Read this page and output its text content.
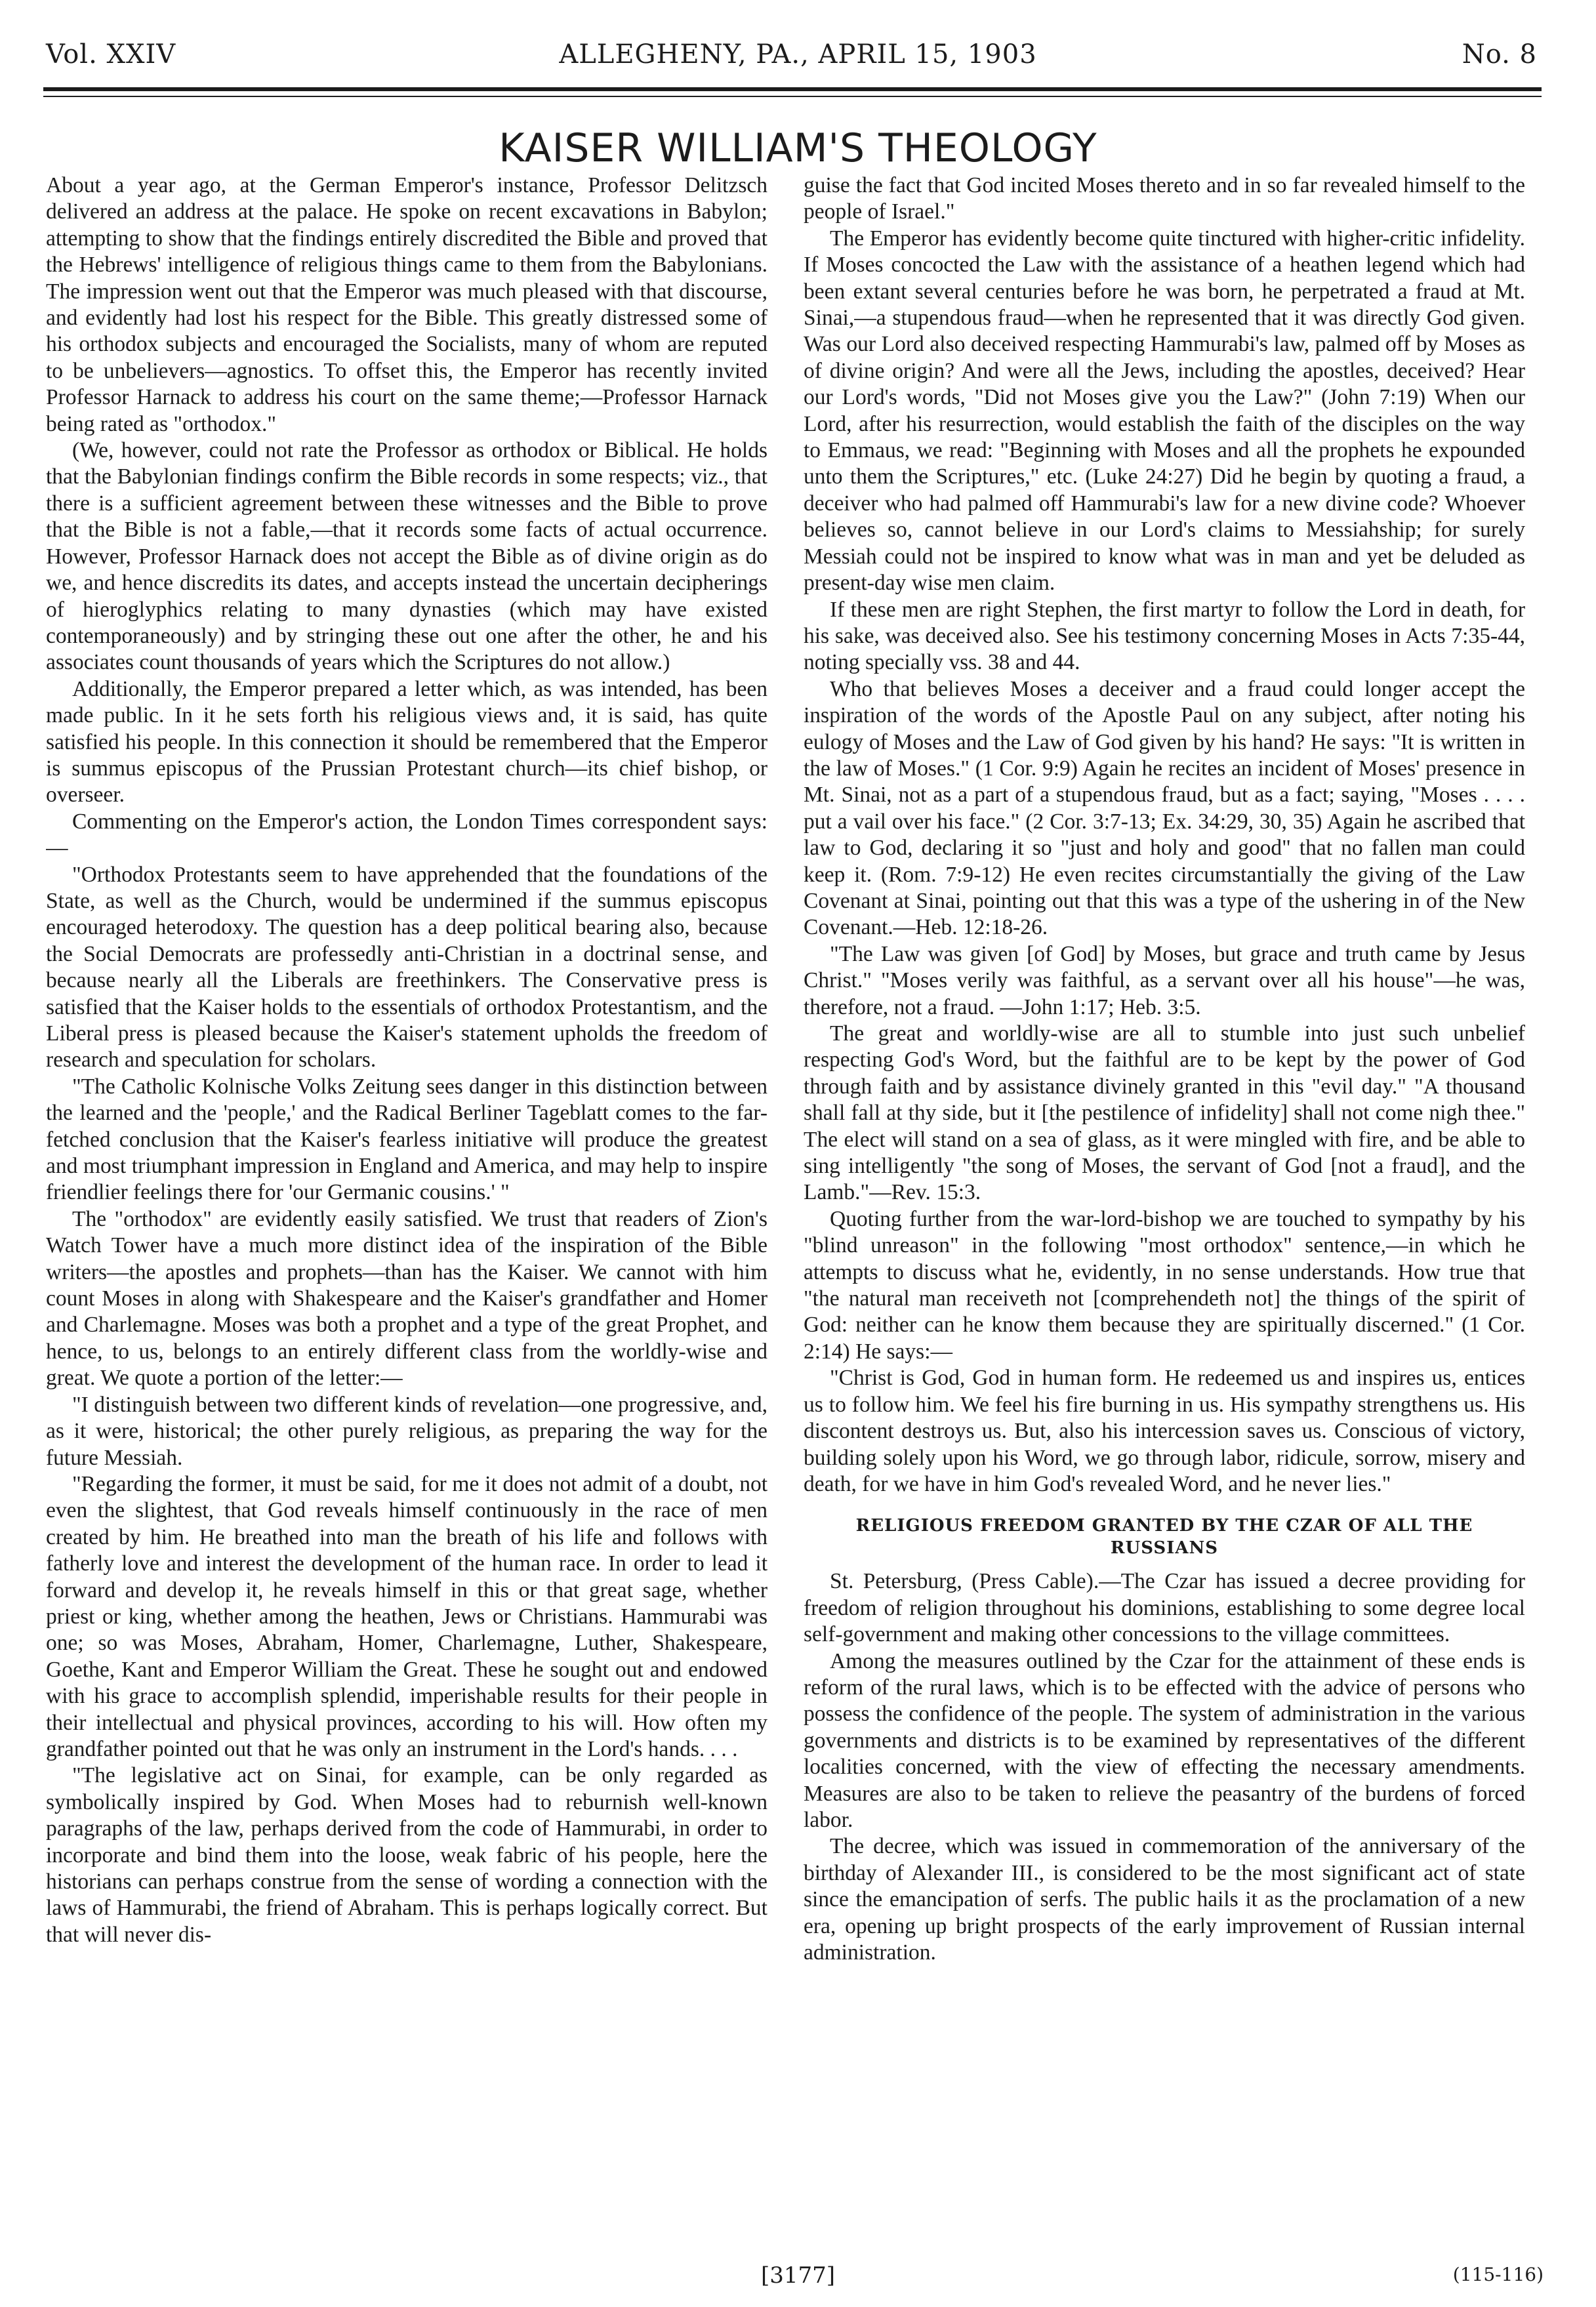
Vol. XXIV	ALLEGHENY, PA., APRIL 15, 1903	No. 8
KAISER WILLIAM'S THEOLOGY

About a year ago, at the German Emperor's instance, Professor Delitzsch delivered an address at the palace. He spoke on recent excavations in Babylon; attempting to show that the findings entirely discredited the Bible and proved that the Hebrews' intelligence of religious things came to them from the Babylonians. The impression went out that the Emperor was much pleased with that discourse, and evidently had lost his respect for the Bible. This greatly distressed some of his orthodox subjects and encouraged the Socialists, many of whom are reputed to be unbelievers—agnostics. To offset this, the Emperor has recently invited Professor Harnack to address his court on the same theme;—Professor Harnack being rated as "orthodox."

(We, however, could not rate the Professor as orthodox or Biblical. He holds that the Babylonian findings confirm the Bible records in some respects; viz., that there is a sufficient agreement between these witnesses and the Bible to prove that the Bible is not a fable,—that it records some facts of actual occurrence. However, Professor Harnack does not accept the Bible as of divine origin as do we, and hence discredits its dates, and accepts instead the uncertain decipherings of hieroglyphics relating to many dynasties (which may have existed contemporaneously) and by stringing these out one after the other, he and his associates count thousands of years which the Scriptures do not allow.)

Additionally, the Emperor prepared a letter which, as was intended, has been made public. In it he sets forth his religious views and, it is said, has quite satisfied his people. In this connection it should be remembered that the Emperor is summus episcopus of the Prussian Protestant church—its chief bishop, or overseer.

Commenting on the Emperor's action, the London Times correspondent says:—

"Orthodox Protestants seem to have apprehended that the foundations of the State, as well as the Church, would be undermined if the summus episcopus encouraged heterodoxy. The question has a deep political bearing also, because the Social Democrats are professedly anti-Christian in a doctrinal sense, and because nearly all the Liberals are freethinkers. The Conservative press is satisfied that the Kaiser holds to the essentials of orthodox Protestantism, and the Liberal press is pleased because the Kaiser's statement upholds the freedom of research and speculation for scholars.

"The Catholic Kolnische Volks Zeitung sees danger in this distinction between the learned and the 'people,' and the Radical Berliner Tageblatt comes to the far-fetched conclusion that the Kaiser's fearless initiative will produce the greatest and most triumphant impression in England and America, and may help to inspire friendlier feelings there for 'our Germanic cousins.' "

The "orthodox" are evidently easily satisfied. We trust that readers of Zion's Watch Tower have a much more distinct idea of the inspiration of the Bible writers—the apostles and prophets—than has the Kaiser. We cannot with him count Moses in along with Shakespeare and the Kaiser's grandfather and Homer and Charlemagne. Moses was both a prophet and a type of the great Prophet, and hence, to us, belongs to an entirely different class from the worldly-wise and great. We quote a portion of the letter:—

"I distinguish between two different kinds of revelation—one progressive, and, as it were, historical; the other purely religious, as preparing the way for the future Messiah.

"Regarding the former, it must be said, for me it does not admit of a doubt, not even the slightest, that God reveals himself continuously in the race of men created by him. He breathed into man the breath of his life and follows with fatherly love and interest the development of the human race. In order to lead it forward and develop it, he reveals himself in this or that great sage, whether priest or king, whether among the heathen, Jews or Christians. Hammurabi was one; so was Moses, Abraham, Homer, Charlemagne, Luther, Shakespeare, Goethe, Kant and Emperor William the Great. These he sought out and endowed with his grace to accomplish splendid, imperishable results for their people in their intellectual and physical provinces, according to his will. How often my grandfather pointed out that he was only an instrument in the Lord's hands. . . .

"The legislative act on Sinai, for example, can be only regarded as symbolically inspired by God. When Moses had to reburnish well-known paragraphs of the law, perhaps derived from the code of Hammurabi, in order to incorporate and bind them into the loose, weak fabric of his people, here the historians can perhaps construe from the sense of wording a connection with the laws of Hammurabi, the friend of Abraham. This is perhaps logically correct. But that will never dis-

guise the fact that God incited Moses thereto and in so far revealed himself to the people of Israel."

The Emperor has evidently become quite tinctured with higher-critic infidelity. If Moses concocted the Law with the assistance of a heathen legend which had been extant several centuries before he was born, he perpetrated a fraud at Mt. Sinai,—a stupendous fraud—when he represented that it was directly God given. Was our Lord also deceived respecting Hammurabi's law, palmed off by Moses as of divine origin? And were all the Jews, including the apostles, deceived? Hear our Lord's words, "Did not Moses give you the Law?" (John 7:19) When our Lord, after his resurrection, would establish the faith of the disciples on the way to Emmaus, we read: "Beginning with Moses and all the prophets he expounded unto them the Scriptures," etc. (Luke 24:27) Did he begin by quoting a fraud, a deceiver who had palmed off Hammurabi's law for a new divine code? Whoever believes so, cannot believe in our Lord's claims to Messiahship; for surely Messiah could not be inspired to know what was in man and yet be deluded as present-day wise men claim.

If these men are right Stephen, the first martyr to follow the Lord in death, for his sake, was deceived also. See his testimony concerning Moses in Acts 7:35-44, noting specially vss. 38 and 44.

Who that believes Moses a deceiver and a fraud could longer accept the inspiration of the words of the Apostle Paul on any subject, after noting his eulogy of Moses and the Law of God given by his hand? He says: "It is written in the law of Moses." (1 Cor. 9:9) Again he recites an incident of Moses' presence in Mt. Sinai, not as a part of a stupendous fraud, but as a fact; saying, "Moses . . . . put a vail over his face." (2 Cor. 3:7-13; Ex. 34:29, 30, 35) Again he ascribed that law to God, declaring it so "just and holy and good" that no fallen man could keep it. (Rom. 7:9-12) He even recites circumstantially the giving of the Law Covenant at Sinai, pointing out that this was a type of the ushering in of the New Covenant.—Heb. 12:18-26.

"The Law was given [of God] by Moses, but grace and truth came by Jesus Christ." "Moses verily was faithful, as a servant over all his house"—he was, therefore, not a fraud. —John 1:17; Heb. 3:5.

The great and worldly-wise are all to stumble into just such unbelief respecting God's Word, but the faithful are to be kept by the power of God through faith and by assistance divinely granted in this "evil day." "A thousand shall fall at thy side, but it [the pestilence of infidelity] shall not come nigh thee." The elect will stand on a sea of glass, as it were mingled with fire, and be able to sing intelligently "the song of Moses, the servant of God [not a fraud], and the Lamb."—Rev. 15:3.

Quoting further from the war-lord-bishop we are touched to sympathy by his "blind unreason" in the following "most orthodox" sentence,—in which he attempts to discuss what he, evidently, in no sense understands. How true that "the natural man receiveth not [comprehendeth not] the things of the spirit of God: neither can he know them because they are spiritually discerned." (1 Cor. 2:14) He says:—

"Christ is God, God in human form. He redeemed us and inspires us, entices us to follow him. We feel his fire burning in us. His sympathy strengthens us. His discontent destroys us. But, also his intercession saves us. Conscious of victory, building solely upon his Word, we go through labor, ridicule, sorrow, misery and death, for we have in him God's revealed Word, and he never lies."

RELIGIOUS FREEDOM GRANTED BY THE CZAR OF ALL THE RUSSIANS

St. Petersburg, (Press Cable).—The Czar has issued a decree providing for freedom of religion throughout his dominions, establishing to some degree local self-government and making other concessions to the village committees.

Among the measures outlined by the Czar for the attainment of these ends is reform of the rural laws, which is to be effected with the advice of persons who possess the confidence of the people. The system of administration in the various governments and districts is to be examined by representatives of the different localities concerned, with the view of effecting the necessary amendments. Measures are also to be taken to relieve the peasantry of the burdens of forced labor.

The decree, which was issued in commemoration of the anniversary of the birthday of Alexander III., is considered to be the most significant act of state since the emancipation of serfs. The public hails it as the proclamation of a new era, opening up bright prospects of the early improvement of Russian internal administration.

[3177]	(115-116)
